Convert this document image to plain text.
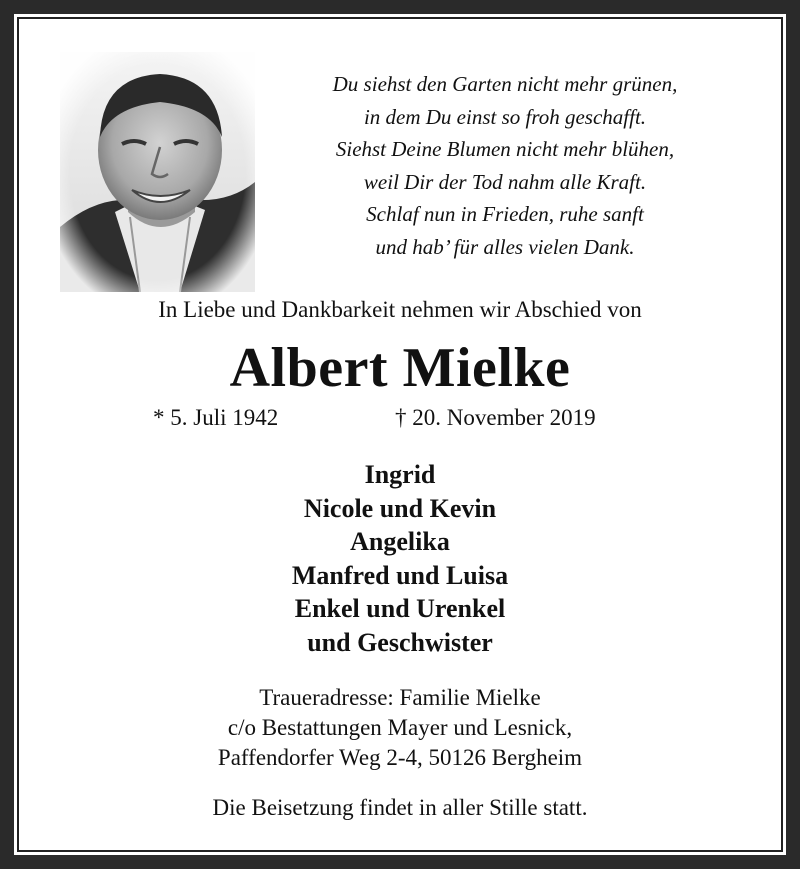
Du siehst den Garten nicht mehr grünen,
in dem Du einst so froh geschafft.
Siehst Deine Blumen nicht mehr blühen,
weil Dir der Tod nahm alle Kraft.
Schlaf nun in Frieden, ruhe sanft
und hab’ für alles vielen Dank.
In Liebe und Dankbarkeit nehmen wir Abschied von
Albert Mielke
* 5. Juli 1942	† 20. November 2019
Ingrid
Nicole und Kevin
Angelika
Manfred und Luisa
Enkel und Urenkel
und Geschwister
Traueradresse: Familie Mielke
c/o Bestattungen Mayer und Lesnick,
Paffendorfer Weg 2-4, 50126 Bergheim
Die Beisetzung findet in aller Stille statt.
